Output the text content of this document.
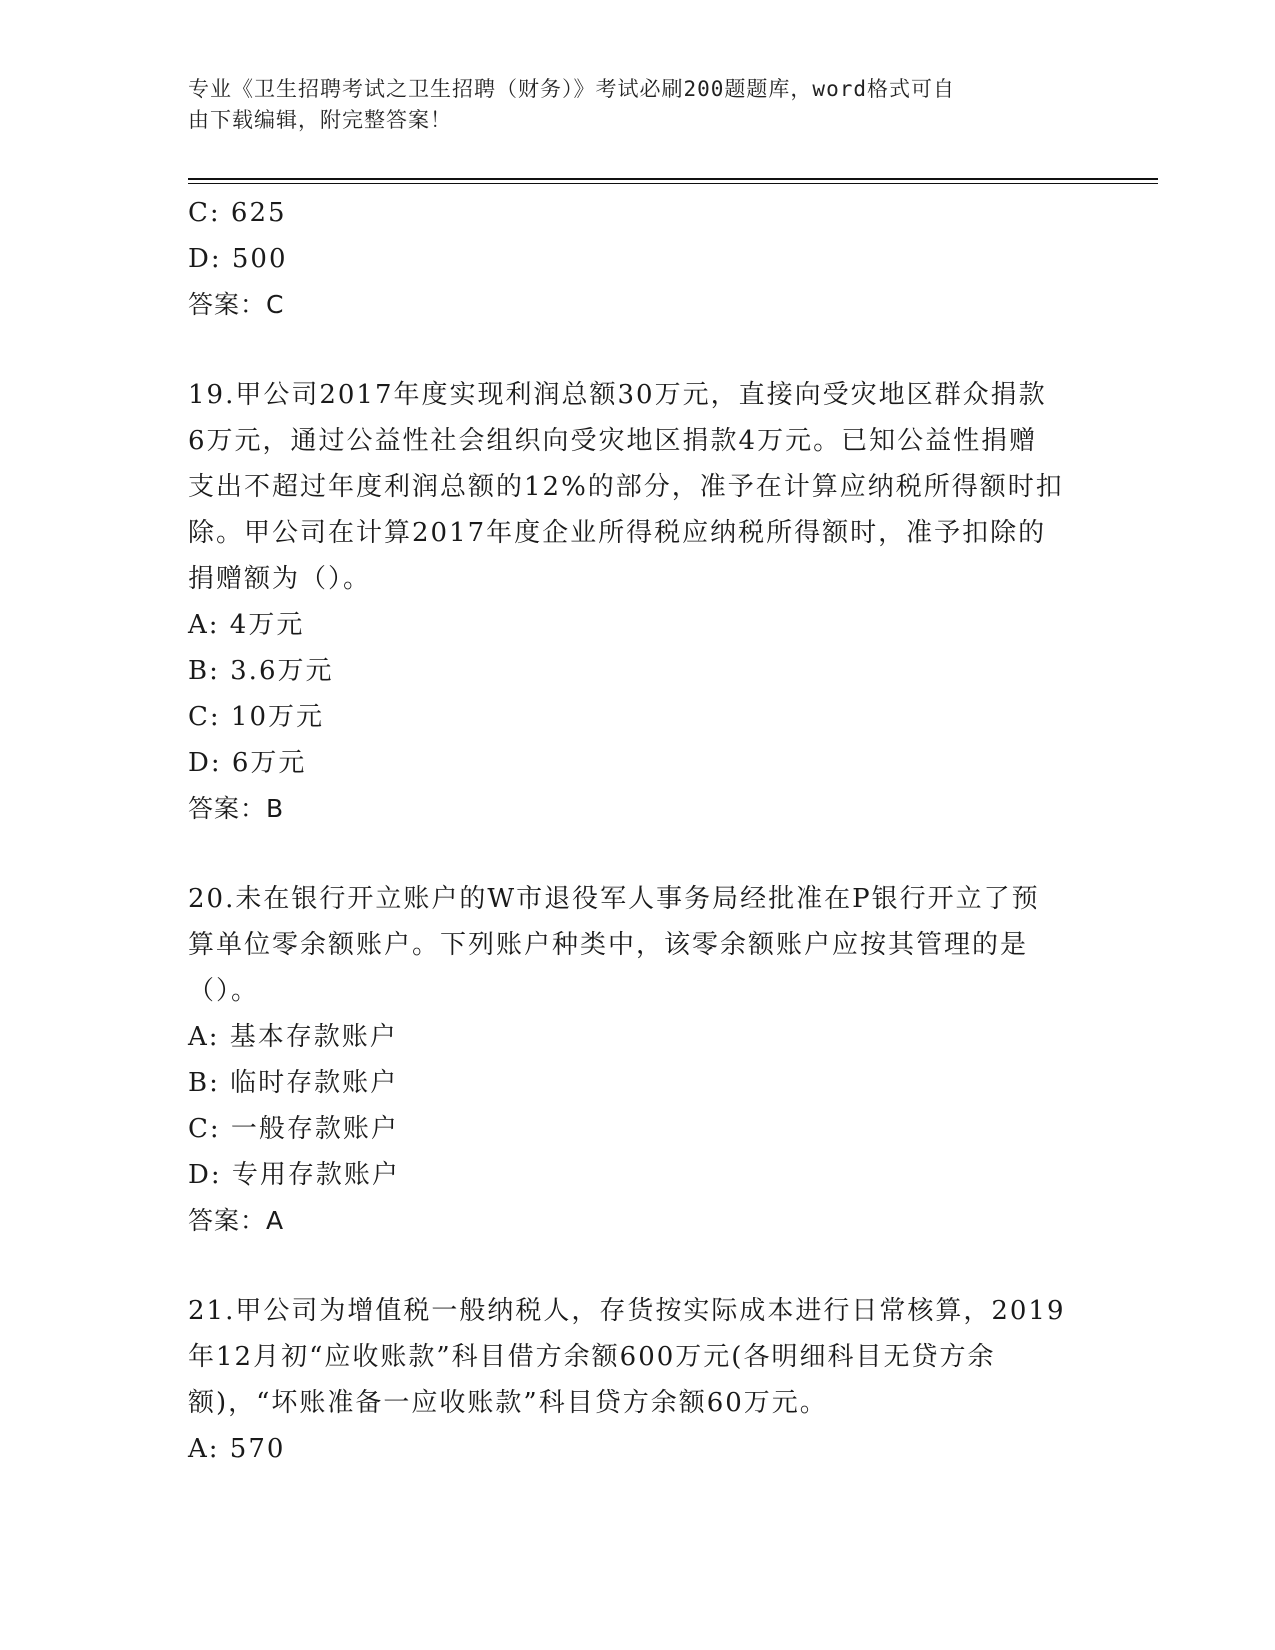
专业《卫生招聘考试之卫生招聘（财务）》考试必刷200题题库，word格式可自
由下载编辑，附完整答案！
C: 625
D: 500
答案：C
19.甲公司2017年度实现利润总额30万元，直接向受灾地区群众捐款
6万元，通过公益性社会组织向受灾地区捐款4万元。已知公益性捐赠
支出不超过年度利润总额的12%的部分，准予在计算应纳税所得额时扣
除。甲公司在计算2017年度企业所得税应纳税所得额时，准予扣除的
捐赠额为（）。
A: 4万元
B: 3.6万元
C: 10万元
D: 6万元
答案：B
20.未在银行开立账户的W市退役军人事务局经批准在P银行开立了预
算单位零余额账户。下列账户种类中，该零余额账户应按其管理的是
（）。
A: 基本存款账户
B: 临时存款账户
C: 一般存款账户
D: 专用存款账户
答案：A
21.甲公司为增值税一般纳税人，存货按实际成本进行日常核算，2019
年12月初“应收账款”科目借方余额600万元(各明细科目无贷方余
额)，“坏账准备一应收账款”科目贷方余额60万元。
A: 570
